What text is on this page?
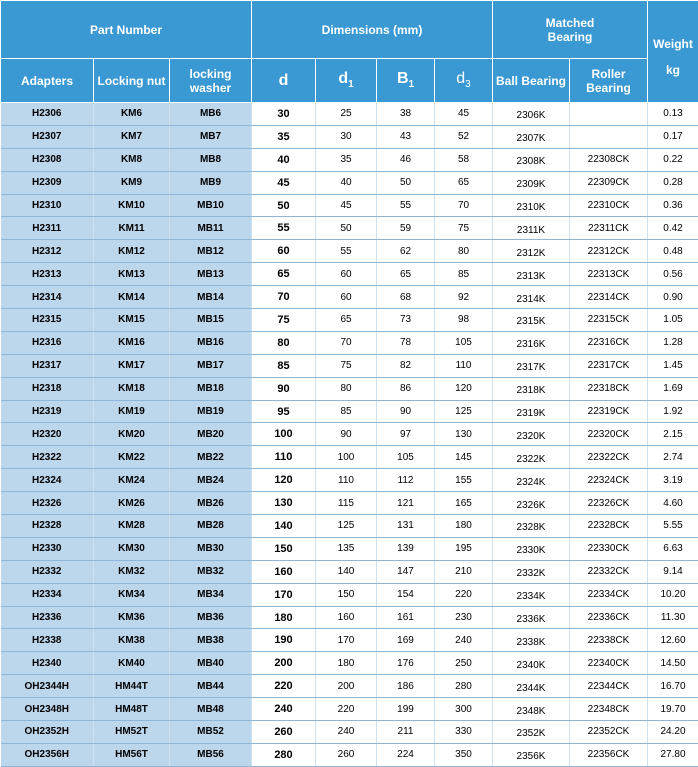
Part Number			Dimensions (mm)				Matched
Bearing		Weight
kg
Adapters	Locking nut	locking washer	d	$d_1$	$B_1$	$d_3$	Ball Bearing	Roller Bearing	
H2306	KM6	MB6	30	25	38	45	2306K		0.13
H2307	KM7	MB7	35	30	43	52	2307K		0.17
H2308	KM8	MB8	40	35	46	58	2308K	22308CK	0.22
H2309	KM9	MB9	45	40	50	65	2309K	22309CK	0.28
H2310	KM10	MB10	50	45	55	70	2310K	22310CK	0.36
H2311	KM11	MB11	55	50	59	75	2311K	22311CK	0.42
H2312	KM12	MB12	60	55	62	80	2312K	22312CK	0.48
H2313	KM13	MB13	65	60	65	85	2313K	22313CK	0.56
H2314	KM14	MB14	70	60	68	92	2314K	22314CK	0.90
H2315	KM15	MB15	75	65	73	98	2315K	22315CK	1.05
H2316	KM16	MB16	80	70	78	105	2316K	22316CK	1.28
H2317	KM17	MB17	85	75	82	110	2317K	22317CK	1.45
H2318	KM18	MB18	90	80	86	120	2318K	22318CK	1.69
H2319	KM19	MB19	95	85	90	125	2319K	22319CK	1.92
H2320	KM20	MB20	100	90	97	130	2320K	22320CK	2.15
H2322	KM22	MB22	110	100	105	145	2322K	22322CK	2.74
H2324	KM24	MB24	120	110	112	155	2324K	22324CK	3.19
H2326	KM26	MB26	130	115	121	165	2326K	22326CK	4.60
H2328	KM28	MB28	140	125	131	180	2328K	22328CK	5.55
H2330	KM30	MB30	150	135	139	195	2330K	22330CK	6.63
H2332	KM32	MB32	160	140	147	210	2332K	22332CK	9.14
H2334	KM34	MB34	170	150	154	220	2334K	22334CK	10.20
H2336	KM36	MB36	180	160	161	230	2336K	22336CK	11.30
H2338	KM38	MB38	190	170	169	240	2338K	22338CK	12.60
H2340	KM40	MB40	200	180	176	250	2340K	22340CK	14.50
OH2344H	HM44T	MB44	220	200	186	280	2344K	22344CK	16.70
OH2348H	HM48T	MB48	240	220	199	300	2348K	22348CK	19.70
OH2352H	HM52T	MB52	260	240	211	330	2352K	22352CK	24.20
OH2356H	HM56T	MB56	280	260	224	350	2356K	22356CK	27.80
